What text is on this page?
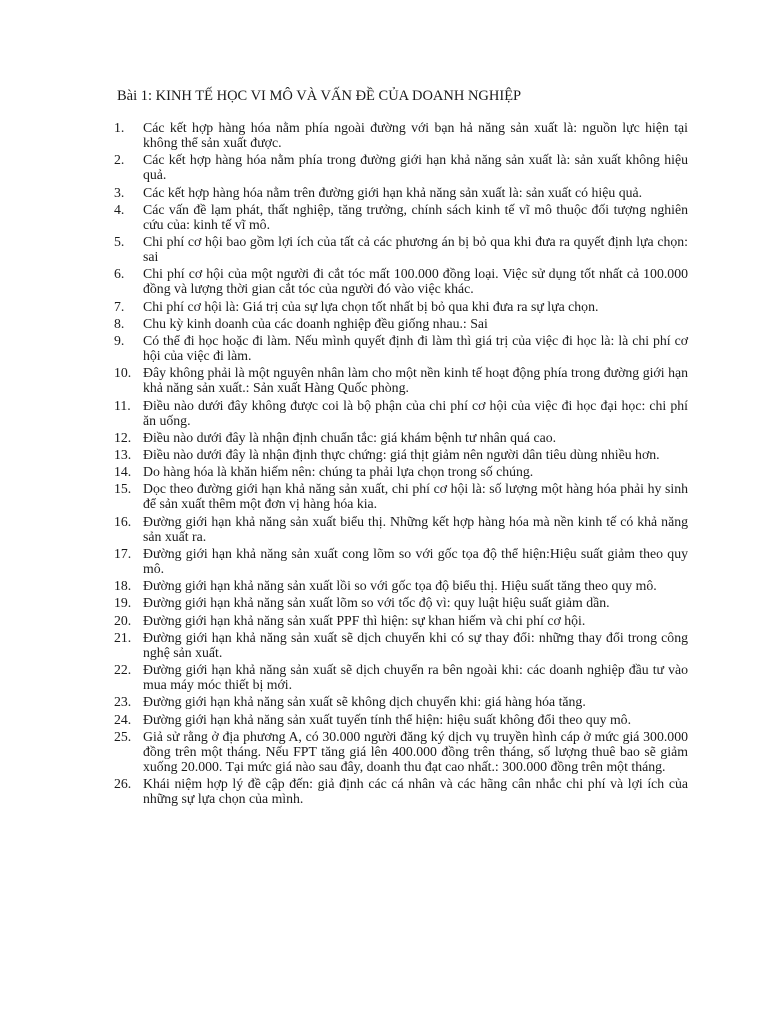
Bài 1: KINH TẾ HỌC VI MÔ VÀ VẤN ĐỀ CỦA DOANH NGHIỆP
1.	Các kết hợp hàng hóa nằm phía ngoài đường với bạn hả năng sản xuất là: nguồn lực hiện tại không thể sản xuất được.
2.	Các kết hợp hàng hóa nằm phía trong đường giới hạn khả năng sản xuất là: sản xuất không hiệu quả.
3.	Các kết hợp hàng hóa nằm trên đường giới hạn khả năng sản xuất là: sản xuất có hiệu quả.
4.	Các vấn đề lạm phát, thất nghiệp, tăng trưởng, chính sách kinh tế vĩ mô thuộc đối tượng nghiên cứu của: kinh tế vĩ mô.
5.	Chi phí cơ hội bao gồm lợi ích của tất cả các phương án bị bỏ qua khi đưa ra quyết định lựa chọn: sai
6.	Chi phí cơ hội của một người đi cắt tóc mất 100.000 đồng loại. Việc sử dụng tốt nhất cả 100.000 đồng và lượng thời gian cắt tóc của người đó vào việc khác.
7.	Chi phí cơ hội là: Giá trị của sự lựa chọn tốt nhất bị bỏ qua khi đưa ra sự lựa chọn.
8.	Chu kỳ kinh doanh của các doanh nghiệp đều giống nhau.: Sai
9.	Có thể đi học hoặc đi làm. Nếu mình quyết định đi làm thì giá trị của việc đi học là: là chi phí cơ hội của việc đi làm.
10. Đây không phải là một nguyên nhân làm cho một nền kinh tế hoạt động phía trong đường giới hạn khả năng sản xuất.: Sản xuất Hàng Quốc phòng.
11. Điều nào dưới đây không được coi là bộ phận của chi phí cơ hội của việc đi học đại học: chi phí ăn uống.
12. Điều nào dưới đây là nhận định chuẩn tắc: giá khám bệnh tư nhân quá cao.
13. Điều nào dưới đây là nhận định thực chứng: giá thịt giảm nên người dân tiêu dùng nhiều hơn.
14. Do hàng hóa là khăn hiếm nên: chúng ta phải lựa chọn trong số chúng.
15. Dọc theo đường giới hạn khả năng sản xuất, chi phí cơ hội là: số lượng một hàng hóa phải hy sinh để sản xuất thêm một đơn vị hàng hóa kia.
16. Đường giới hạn khả năng sản xuất biểu thị. Những kết hợp hàng hóa mà nền kinh tế có khả năng sản xuất ra.
17. Đường giới hạn khả năng sản xuất cong lõm so với gốc tọa độ thể hiện:Hiệu suất giảm theo quy mô.
18. Đường giới hạn khả năng sản xuất lồi so với gốc tọa độ biểu thị. Hiệu suất tăng theo quy mô.
19. Đường giới hạn khả năng sản xuất lõm so với tốc độ vì: quy luật hiệu suất giảm dần.
20. Đường giới hạn khả năng sản xuất PPF thì hiện: sự khan hiếm và chi phí cơ hội.
21. Đường giới hạn khả năng sản xuất sẽ dịch chuyển khi có sự thay đổi: những thay đổi trong công nghệ sản xuất.
22. Đường giới hạn khả năng sản xuất sẽ dịch chuyển ra bên ngoài khi: các doanh nghiệp đầu tư vào mua máy móc thiết bị mới.
23. Đường giới hạn khả năng sản xuất sẽ không dịch chuyển khi: giá hàng hóa tăng.
24. Đường giới hạn khả năng sản xuất tuyến tính thể hiện: hiệu suất không đổi theo quy mô.
25. Giả sử rằng ở địa phương A, có 30.000 người đăng ký dịch vụ truyền hình cáp ở mức giá 300.000 đồng trên một tháng. Nếu FPT tăng giá lên 400.000 đồng trên tháng, số lượng thuê bao sẽ giảm xuống 20.000. Tại mức giá nào sau đây, doanh thu đạt cao nhất.: 300.000 đồng trên một tháng.
26. Khái niệm hợp lý đề cập đến: giả định các cá nhân và các hãng cân nhắc chi phí và lợi ích của những sự lựa chọn của mình.
